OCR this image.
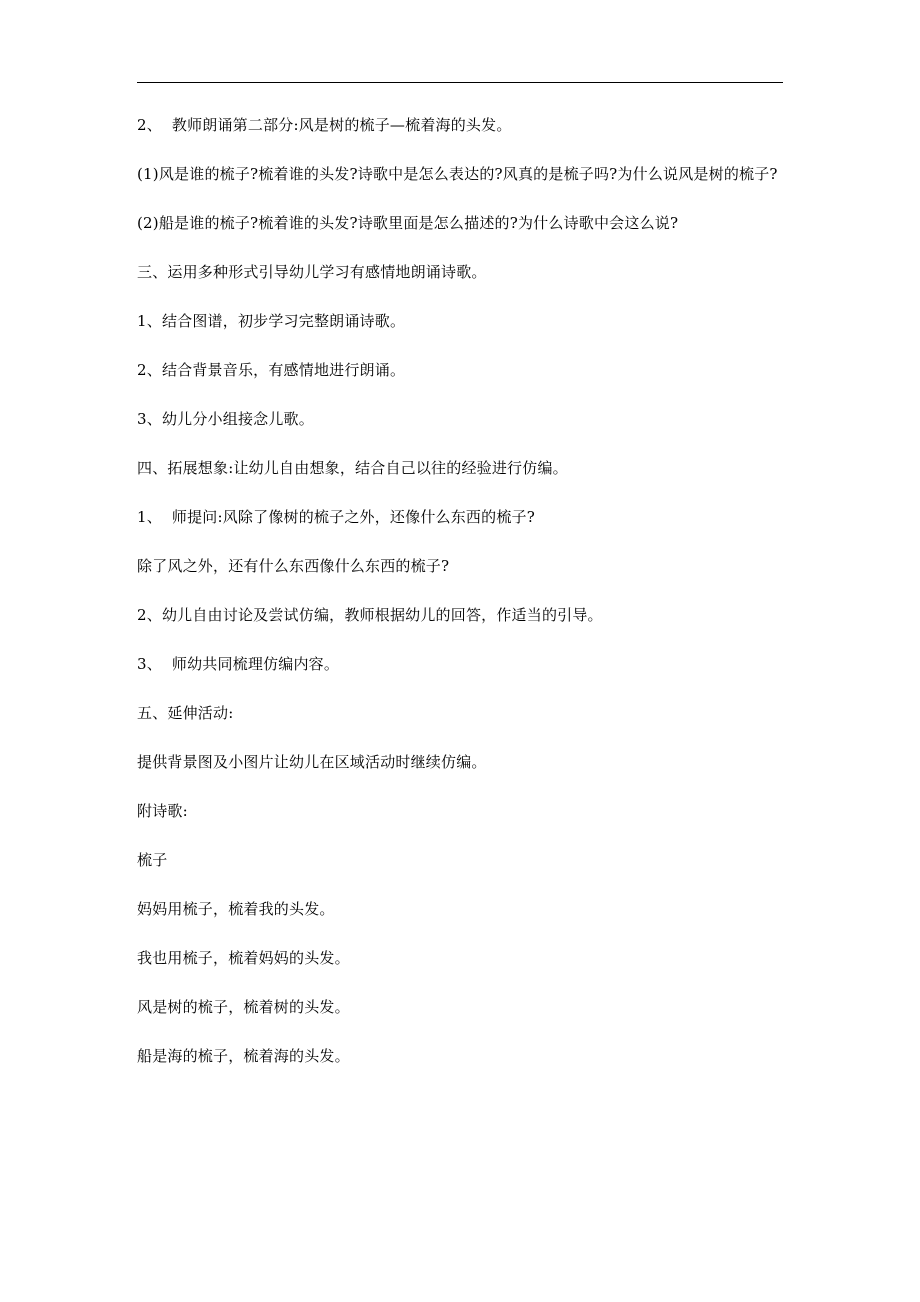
2、  教师朗诵第二部分:风是树的梳子—梳着海的头发。

(1)风是谁的梳子?梳着谁的头发?诗歌中是怎么表达的?风真的是梳子吗?为什么说风是树的梳子?

(2)船是谁的梳子?梳着谁的头发?诗歌里面是怎么描述的?为什么诗歌中会这么说?

三、运用多种形式引导幼儿学习有感情地朗诵诗歌。

1、结合图谱，初步学习完整朗诵诗歌。

2、结合背景音乐，有感情地进行朗诵。

3、幼儿分小组接念儿歌。

四、拓展想象:让幼儿自由想象，结合自己以往的经验进行仿编。

1、  师提问:风除了像树的梳子之外，还像什么东西的梳子?

除了风之外，还有什么东西像什么东西的梳子?

2、幼儿自由讨论及尝试仿编，教师根据幼儿的回答，作适当的引导。

3、  师幼共同梳理仿编内容。

五、延伸活动:

提供背景图及小图片让幼儿在区域活动时继续仿编。

附诗歌:

梳子

妈妈用梳子，梳着我的头发。

我也用梳子，梳着妈妈的头发。

风是树的梳子，梳着树的头发。

船是海的梳子，梳着海的头发。
